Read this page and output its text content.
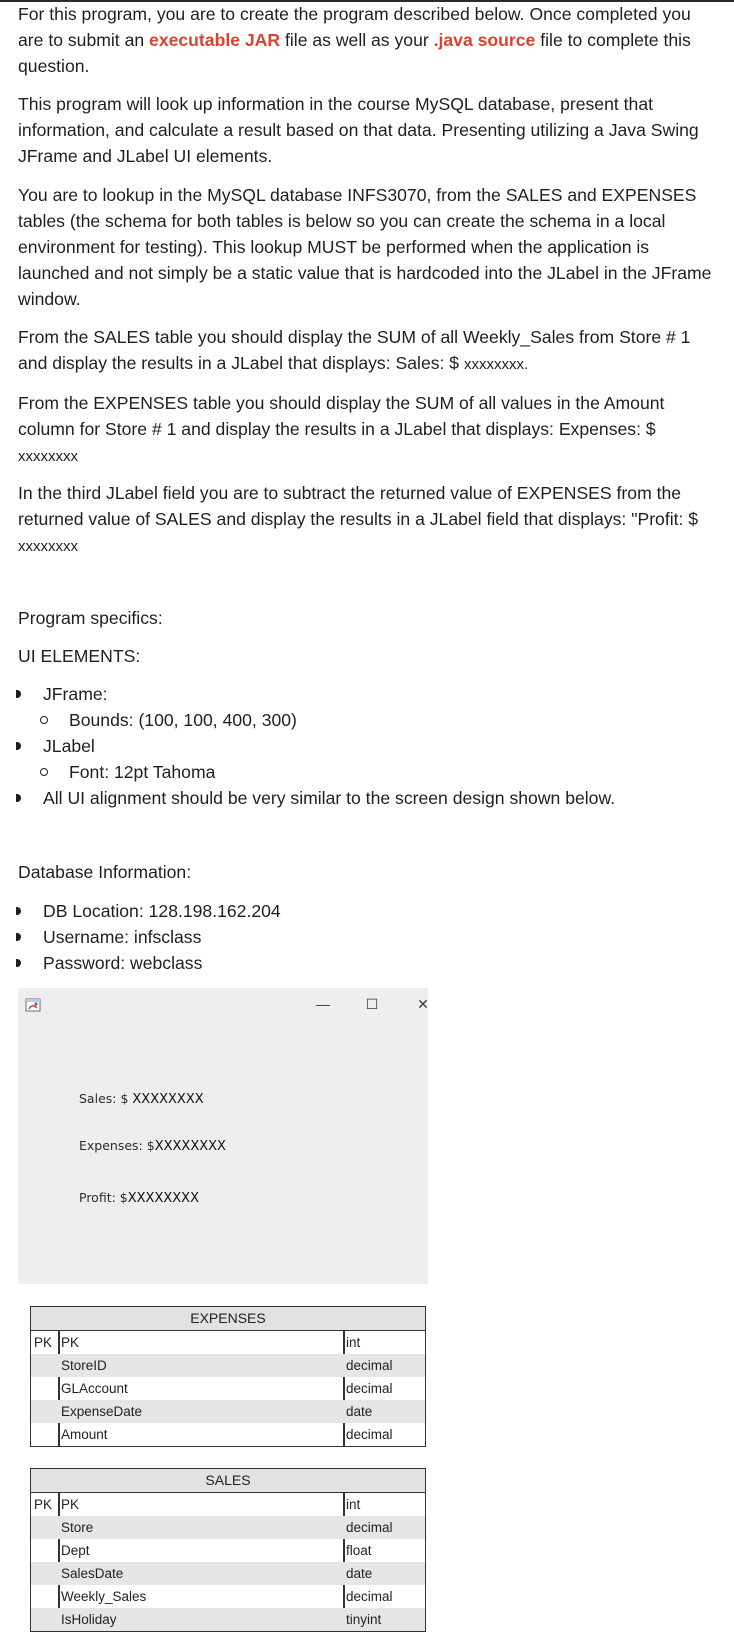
For this program, you are to create the program described below. Once completed you are to submit an executable JAR file as well as your .java source file to complete this question.

This program will look up information in the course MySQL database, present that information, and calculate a result based on that data. Presenting utilizing a Java Swing JFrame and JLabel UI elements.

You are to lookup in the MySQL database INFS3070, from the SALES and EXPENSES tables (the schema for both tables is below so you can create the schema in a local environment for testing). This lookup MUST be performed when the application is launched and not simply be a static value that is hardcoded into the JLabel in the JFrame window.

From the SALES table you should display the SUM of all Weekly_Sales from Store # 1 and display the results in a JLabel that displays: Sales: $ xxxxxxxx.

From the EXPENSES table you should display the SUM of all values in the Amount column for Store # 1 and display the results in a JLabel that displays: Expenses: $ xxxxxxxx

In the third JLabel field you are to subtract the returned value of EXPENSES from the returned value of SALES and display the results in a JLabel field that displays: "Profit: $ xxxxxxxx

Program specifics:

UI ELEMENTS:

JFrame:
Bounds: (100, 100, 400, 300)
JLabel
Font: 12pt Tahoma
All UI alignment should be very similar to the screen design shown below.

Database Information:

DB Location: 128.198.162.204
Username: infsclass
Password: webclass
—	☐	✕
Sales: $ XXXXXXXX
Expenses: $XXXXXXXX
Profit: $XXXXXXXX
EXPENSES
PK PK	int
StoreID	decimal
GLAccount	decimal
ExpenseDate	date
Amount	decimal
SALES
PK PK	int
Store	decimal
Dept	float
SalesDate	date
Weekly_Sales	decimal
IsHoliday	tinyint
